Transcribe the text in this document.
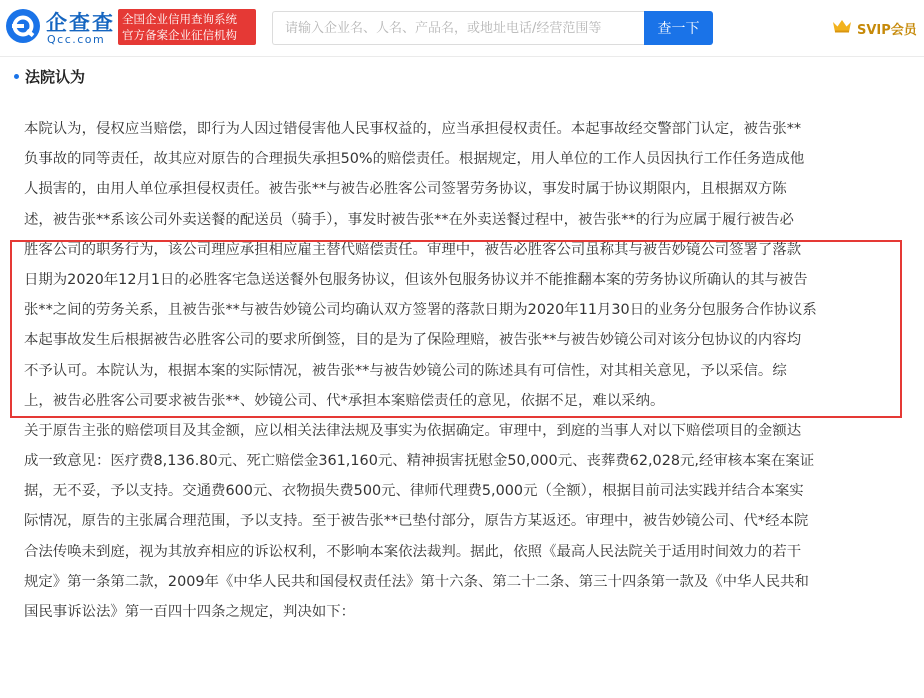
企查查
Qcc.com
全国企业信用查询系统
官方备案企业征信机构
请输入企业名、人名、产品名，或地址电话/经营范围等	查一下	SVIP会员
法院认为
本院认为，侵权应当赔偿，即行为人因过错侵害他人民事权益的，应当承担侵权责任。本起事故经交警部门认定，被告张**
负事故的同等责任，故其应对原告的合理损失承担50%的赔偿责任。根据规定，用人单位的工作人员因执行工作任务造成他
人损害的，由用人单位承担侵权责任。被告张**与被告必胜客公司签署劳务协议，事发时属于协议期限内，且根据双方陈
述，被告张**系该公司外卖送餐的配送员（骑手），事发时被告张**在外卖送餐过程中，被告张**的行为应属于履行被告必
胜客公司的职务行为，该公司理应承担相应雇主替代赔偿责任。审理中，被告必胜客公司虽称其与被告妙镜公司签署了落款
日期为2020年12月1日的必胜客宅急送送餐外包服务协议，但该外包服务协议并不能推翻本案的劳务协议所确认的其与被告
张**之间的劳务关系，且被告张**与被告妙镜公司均确认双方签署的落款日期为2020年11月30日的业务分包服务合作协议系
本起事故发生后根据被告必胜客公司的要求所倒签，目的是为了保险理赔，被告张**与被告妙镜公司对该分包协议的内容均
不予认可。本院认为，根据本案的实际情况，被告张**与被告妙镜公司的陈述具有可信性，对其相关意见，予以采信。综
上，被告必胜客公司要求被告张**、妙镜公司、代*承担本案赔偿责任的意见，依据不足，难以采纳。
关于原告主张的赔偿项目及其金额，应以相关法律法规及事实为依据确定。审理中，到庭的当事人对以下赔偿项目的金额达
成一致意见：医疗费8,136.80元、死亡赔偿金361,160元、精神损害抚慰金50,000元、丧葬费62,028元,经审核本案在案证
据，无不妥，予以支持。交通费600元、衣物损失费500元、律师代理费5,000元（全额），根据目前司法实践并结合本案实
际情况，原告的主张属合理范围，予以支持。至于被告张**已垫付部分，原告方某返还。审理中，被告妙镜公司、代*经本院
合法传唤未到庭，视为其放弃相应的诉讼权利，不影响本案依法裁判。据此，依照《最高人民法院关于适用时间效力的若干
规定》第一条第二款，2009年《中华人民共和国侵权责任法》第十六条、第二十二条、第三十四条第一款及《中华人民共和
国民事诉讼法》第一百四十四条之规定，判决如下：
